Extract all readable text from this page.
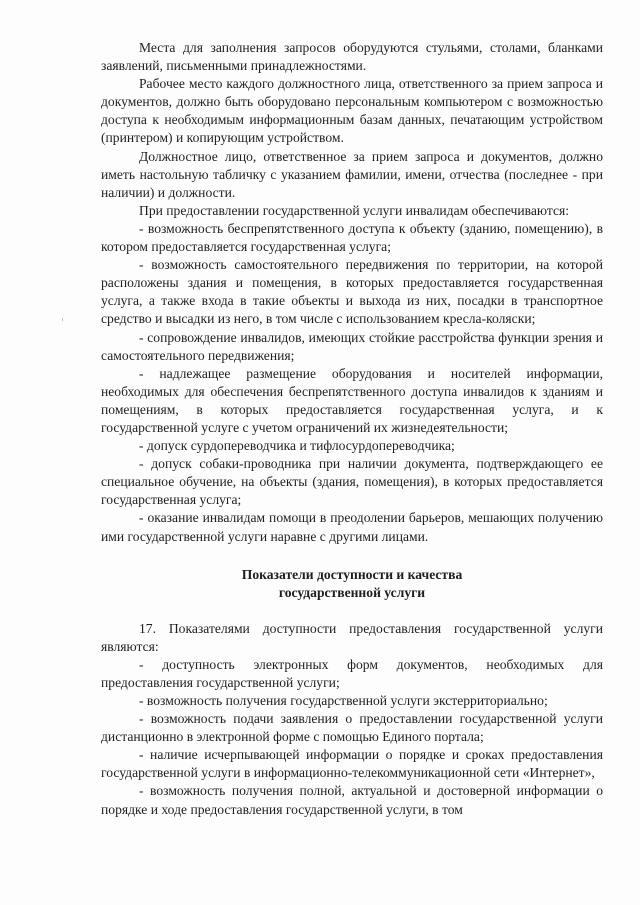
Места для заполнения запросов оборудуются стульями, столами, бланками заявлений, письменными принадлежностями.

Рабочее место каждого должностного лица, ответственного за прием запроса и документов, должно быть оборудовано персональным компьютером с возможностью доступа к необходимым информационным базам данных, печатающим устройством (принтером) и копирующим устройством.

Должностное лицо, ответственное за прием запроса и документов, должно иметь настольную табличку с указанием фамилии, имени, отчества (последнее - при наличии) и должности.

При предоставлении государственной услуги инвалидам обеспечиваются:

- возможность беспрепятственного доступа к объекту (зданию, помещению), в котором предоставляется государственная услуга;

- возможность самостоятельного передвижения по территории, на которой расположены здания и помещения, в которых предоставляется государственная услуга, а также входа в такие объекты и выхода из них, посадки в транспортное средство и высадки из него, в том числе с использованием кресла-коляски;

- сопровождение инвалидов, имеющих стойкие расстройства функции зрения и самостоятельного передвижения;

- надлежащее размещение оборудования и носителей информации, необходимых для обеспечения беспрепятственного доступа инвалидов к зданиям и помещениям, в которых предоставляется государственная услуга, и к государственной услуге с учетом ограничений их жизнедеятельности;

- допуск сурдопереводчика и тифлосурдопереводчика;

- допуск собаки-проводника при наличии документа, подтверждающего ее специальное обучение, на объекты (здания, помещения), в которых предоставляется государственная услуга;

- оказание инвалидам помощи в преодолении барьеров, мешающих получению ими государственной услуги наравне с другими лицами.

Показатели доступности и качества
государственной услуги

17. Показателями доступности предоставления государственной услуги являются:

- доступность электронных форм документов, необходимых для предоставления государственной услуги;

- возможность получения государственной услуги экстерриториально;

- возможность подачи заявления о предоставлении государственной услуги дистанционно в электронной форме с помощью Единого портала;

- наличие исчерпывающей информации о порядке и сроках предоставления государственной услуги в информационно-телекоммуникационной сети «Интернет»,

- возможность получения полной, актуальной и достоверной информации о порядке и ходе предоставления государственной услуги, в том
